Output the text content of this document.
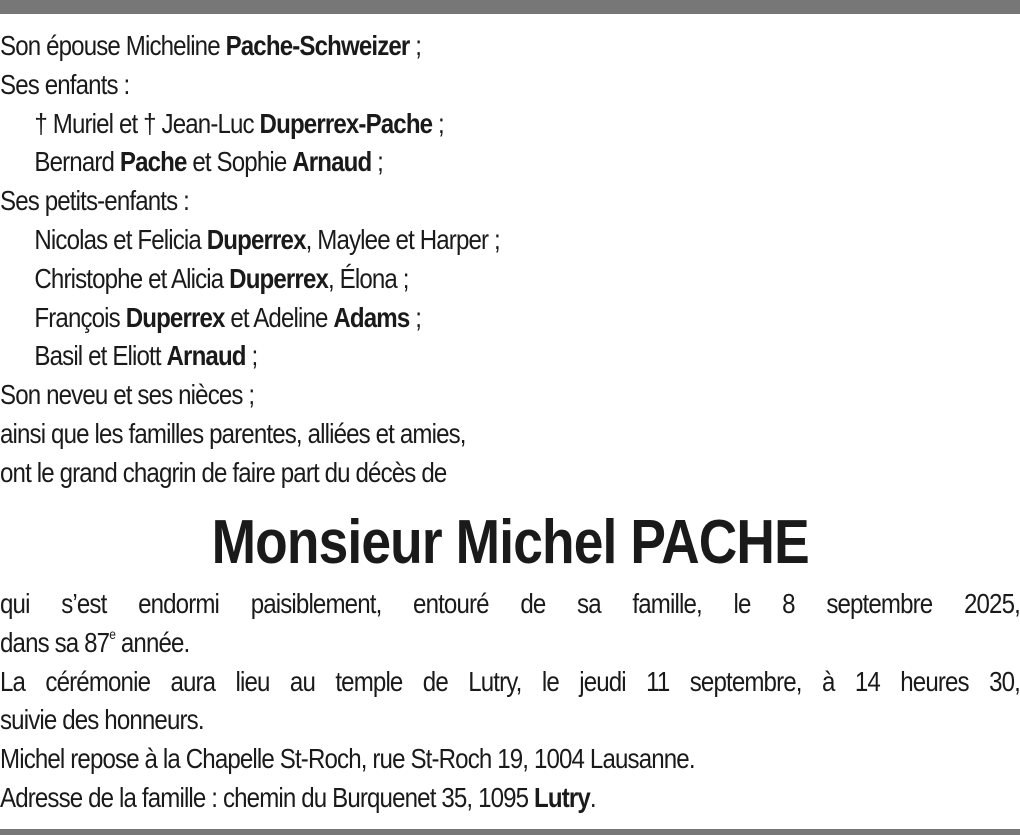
Son épouse Micheline Pache-Schweizer ;
Ses enfants :
† Muriel et † Jean-Luc Duperrex-Pache ;
Bernard Pache et Sophie Arnaud ;
Ses petits-enfants :
Nicolas et Felicia Duperrex, Maylee et Harper ;
Christophe et Alicia Duperrex, Élona ;
François Duperrex et Adeline Adams ;
Basil et Eliott Arnaud ;
Son neveu et ses nièces ;
ainsi que les familles parentes, alliées et amies,
ont le grand chagrin de faire part du décès de
Monsieur Michel PACHE
qui s’est endormi paisiblement, entouré de sa famille, le 8 septembre 2025,
dans sa 87e année.
La cérémonie aura lieu au temple de Lutry, le jeudi 11 septembre, à 14 heures 30,
suivie des honneurs.
Michel repose à la Chapelle St-Roch, rue St-Roch 19, 1004 Lausanne.
Adresse de la famille : chemin du Burquenet 35, 1095 Lutry.
